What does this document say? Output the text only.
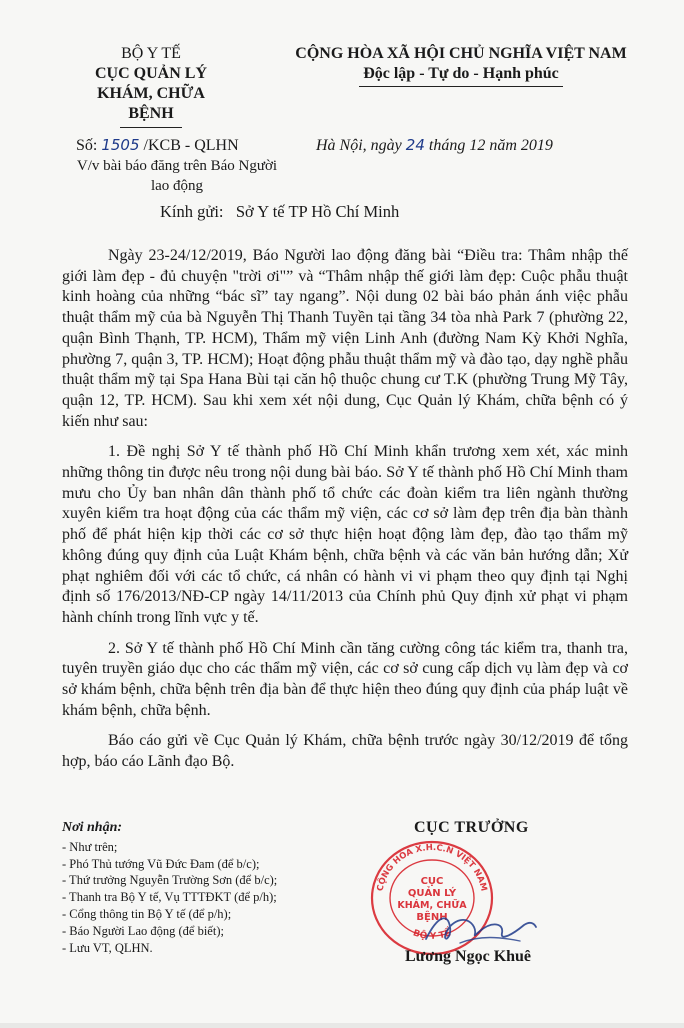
BỘ Y TẾ
CỤC QUẢN LÝ
KHÁM, CHỮA BỆNH
CỘNG HÒA XÃ HỘI CHỦ NGHĨA VIỆT NAM
Độc lập - Tự do - Hạnh phúc
Số: 1505 /KCB - QLHN
V/v bài báo đăng trên Báo Người lao động
Hà Nội, ngày 24 tháng 12 năm 2019
Kính gửi:   Sở Y tế TP Hồ Chí Minh

Ngày 23-24/12/2019, Báo Người lao động đăng bài “Điều tra: Thâm nhập thế giới làm đẹp - đủ chuyện "trời ơi"” và “Thâm nhập thế giới làm đẹp: Cuộc phẫu thuật kinh hoàng của những “bác sĩ” tay ngang”. Nội dung 02 bài báo phản ánh việc phẫu thuật thẩm mỹ của bà Nguyễn Thị Thanh Tuyền tại tầng 34 tòa nhà Park 7 (phường 22, quận Bình Thạnh, TP. HCM), Thẩm mỹ viện Linh Anh (đường Nam Kỳ Khởi Nghĩa, phường 7, quận 3, TP. HCM); Hoạt động phẫu thuật thẩm mỹ và đào tạo, dạy nghề phẫu thuật thẩm mỹ tại Spa Hana Bùi tại căn hộ thuộc chung cư T.K (phường Trung Mỹ Tây, quận 12, TP. HCM). Sau khi xem xét nội dung, Cục Quản lý Khám, chữa bệnh có ý kiến như sau:

1. Đề nghị Sở Y tế thành phố Hồ Chí Minh khẩn trương xem xét, xác minh những thông tin được nêu trong nội dung bài báo. Sở Y tế thành phố Hồ Chí Minh tham mưu cho Ủy ban nhân dân thành phố tổ chức các đoàn kiểm tra liên ngành thường xuyên kiểm tra hoạt động của các thẩm mỹ viện, các cơ sở làm đẹp trên địa bàn thành phố để phát hiện kịp thời các cơ sở thực hiện hoạt động làm đẹp, đào tạo thẩm mỹ không đúng quy định của Luật Khám bệnh, chữa bệnh và các văn bản hướng dẫn; Xử phạt nghiêm đối với các tổ chức, cá nhân có hành vi vi phạm theo quy định tại Nghị định số 176/2013/NĐ-CP ngày 14/11/2013 của Chính phủ Quy định xử phạt vi phạm hành chính trong lĩnh vực y tế.

2. Sở Y tế thành phố Hồ Chí Minh cần tăng cường công tác kiểm tra, thanh tra, tuyên truyền giáo dục cho các thẩm mỹ viện, các cơ sở cung cấp dịch vụ làm đẹp và cơ sở khám bệnh, chữa bệnh trên địa bàn để thực hiện theo đúng quy định của pháp luật về khám bệnh, chữa bệnh.

Báo cáo gửi về Cục Quản lý Khám, chữa bệnh trước ngày 30/12/2019 để tổng hợp, báo cáo Lãnh đạo Bộ.

Nơi nhận:
- Như trên;
- Phó Thủ tướng Vũ Đức Đam (để b/c);
- Thứ trưởng Nguyễn Trường Sơn (để b/c);
- Thanh tra Bộ Y tế, Vụ TTTĐKT (để p/h);
- Cổng thông tin Bộ Y tế (để p/h);
- Báo Người Lao động (để biết);
- Lưu VT, QLHN.
CỤC TRƯỞNG
CỘNG HÒA X.H.C.N VIỆT NAM
BỘ Y TẾ
CỤC
QUẢN LÝ
KHÁM, CHỮA
BỆNH
Lương Ngọc Khuê
